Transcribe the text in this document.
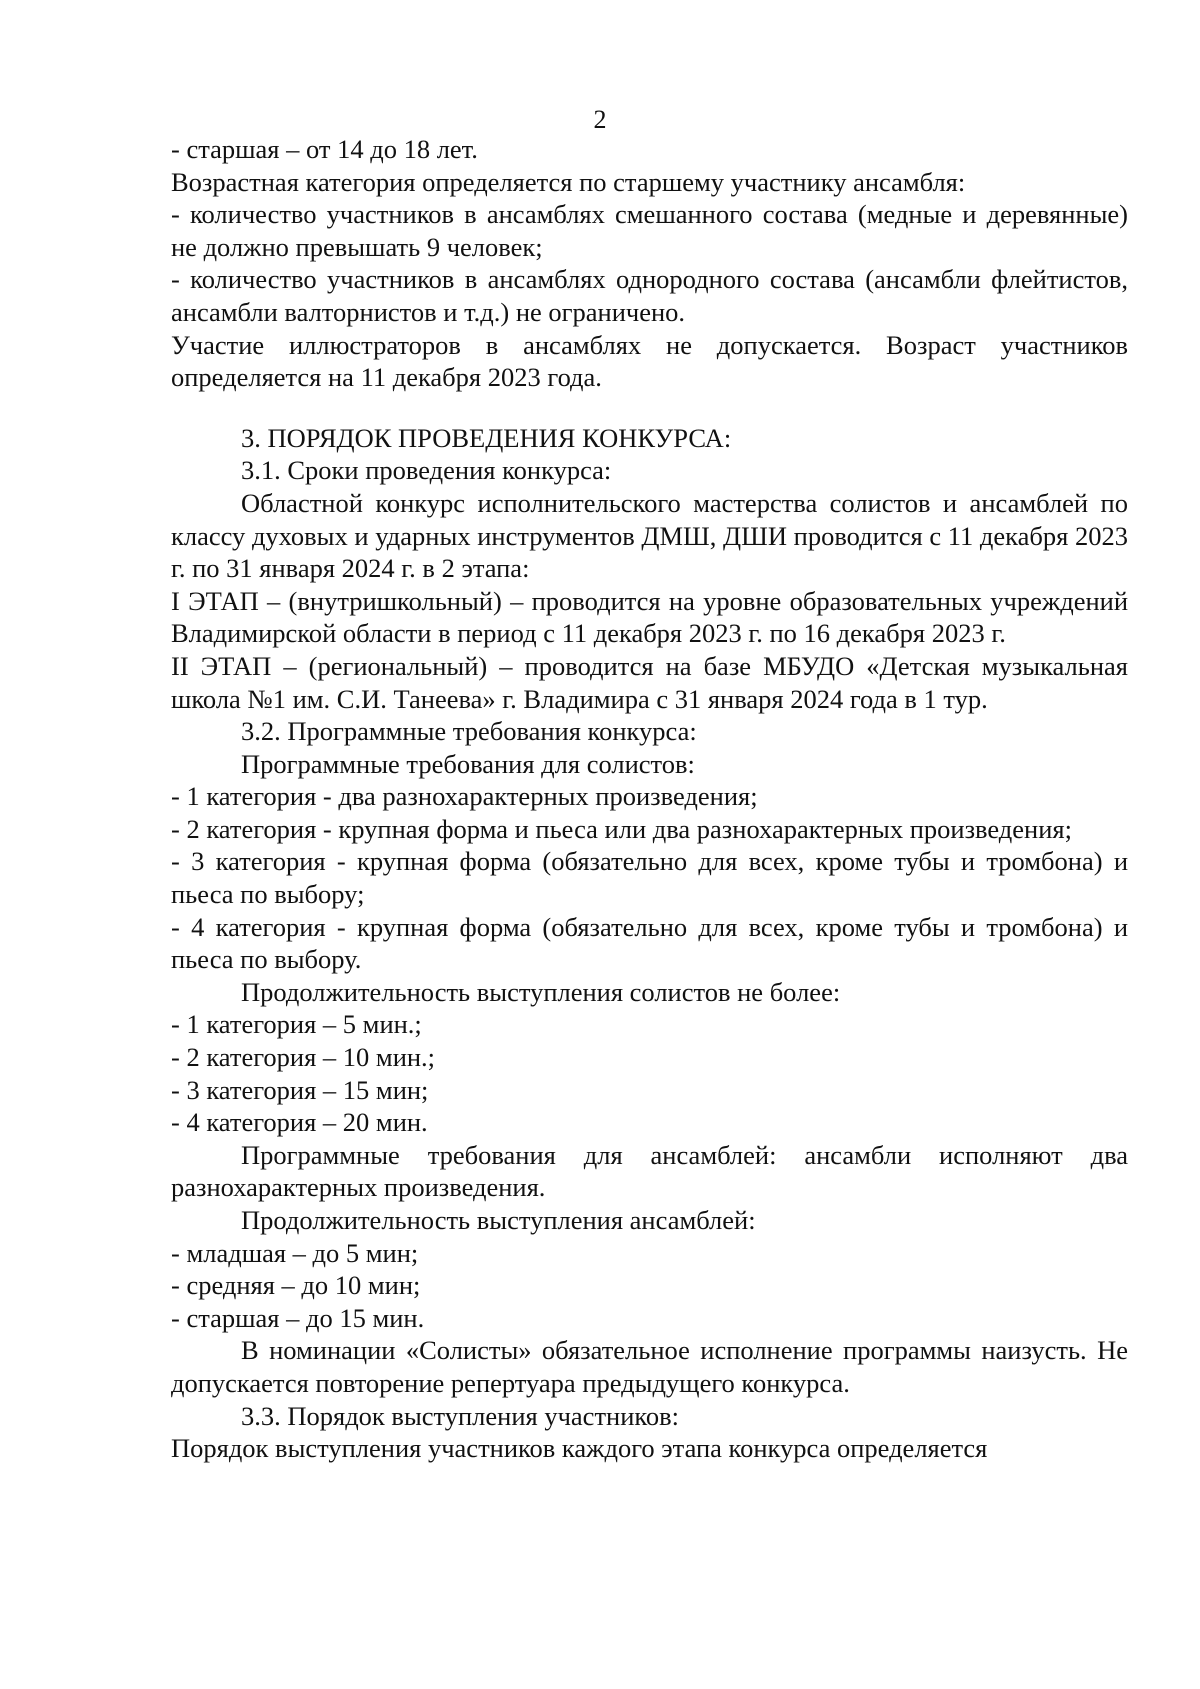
2

- старшая – от 14 до 18 лет.

Возрастная категория определяется по старшему участнику ансамбля:

- количество участников в ансамблях смешанного состава (медные и деревянные) не должно превышать 9 человек;

- количество участников в ансамблях однородного состава (ансамбли флейтистов, ансамбли валторнистов и т.д.) не ограничено.

Участие иллюстраторов в ансамблях не допускается. Возраст участников определяется на 11 декабря 2023 года.

3. ПОРЯДОК ПРОВЕДЕНИЯ КОНКУРСА:

3.1. Сроки проведения конкурса:

Областной конкурс исполнительского мастерства солистов и ансамблей по классу духовых и ударных инструментов ДМШ, ДШИ проводится с 11 декабря 2023 г. по 31 января 2024 г. в 2 этапа:

I ЭТАП – (внутришкольный) – проводится на уровне образовательных учреждений Владимирской области в период с 11 декабря 2023 г. по 16 декабря 2023 г.

II ЭТАП – (региональный) – проводится на базе МБУДО «Детская музыкальная школа №1 им. С.И. Танеева» г. Владимира с 31 января 2024 года в 1 тур.

3.2. Программные требования конкурса:

Программные требования для солистов:

- 1 категория - два разнохарактерных произведения;

- 2 категория - крупная форма и пьеса или два разнохарактерных произведения;

- 3 категория - крупная форма (обязательно для всех, кроме тубы и тромбона) и пьеса по выбору;

- 4 категория - крупная форма (обязательно для всех, кроме тубы и тромбона) и пьеса по выбору.

Продолжительность выступления солистов не более:

- 1 категория – 5 мин.;

- 2 категория – 10 мин.;

- 3 категория – 15 мин;

- 4 категория – 20 мин.

Программные требования для ансамблей: ансамбли исполняют два разнохарактерных произведения.

Продолжительность выступления ансамблей:

- младшая – до 5 мин;

- средняя – до 10 мин;

- старшая – до 15 мин.

В номинации «Солисты» обязательное исполнение программы наизусть. Не допускается повторение репертуара предыдущего конкурса.

3.3. Порядок выступления участников:

Порядок выступления участников каждого этапа конкурса определяется
